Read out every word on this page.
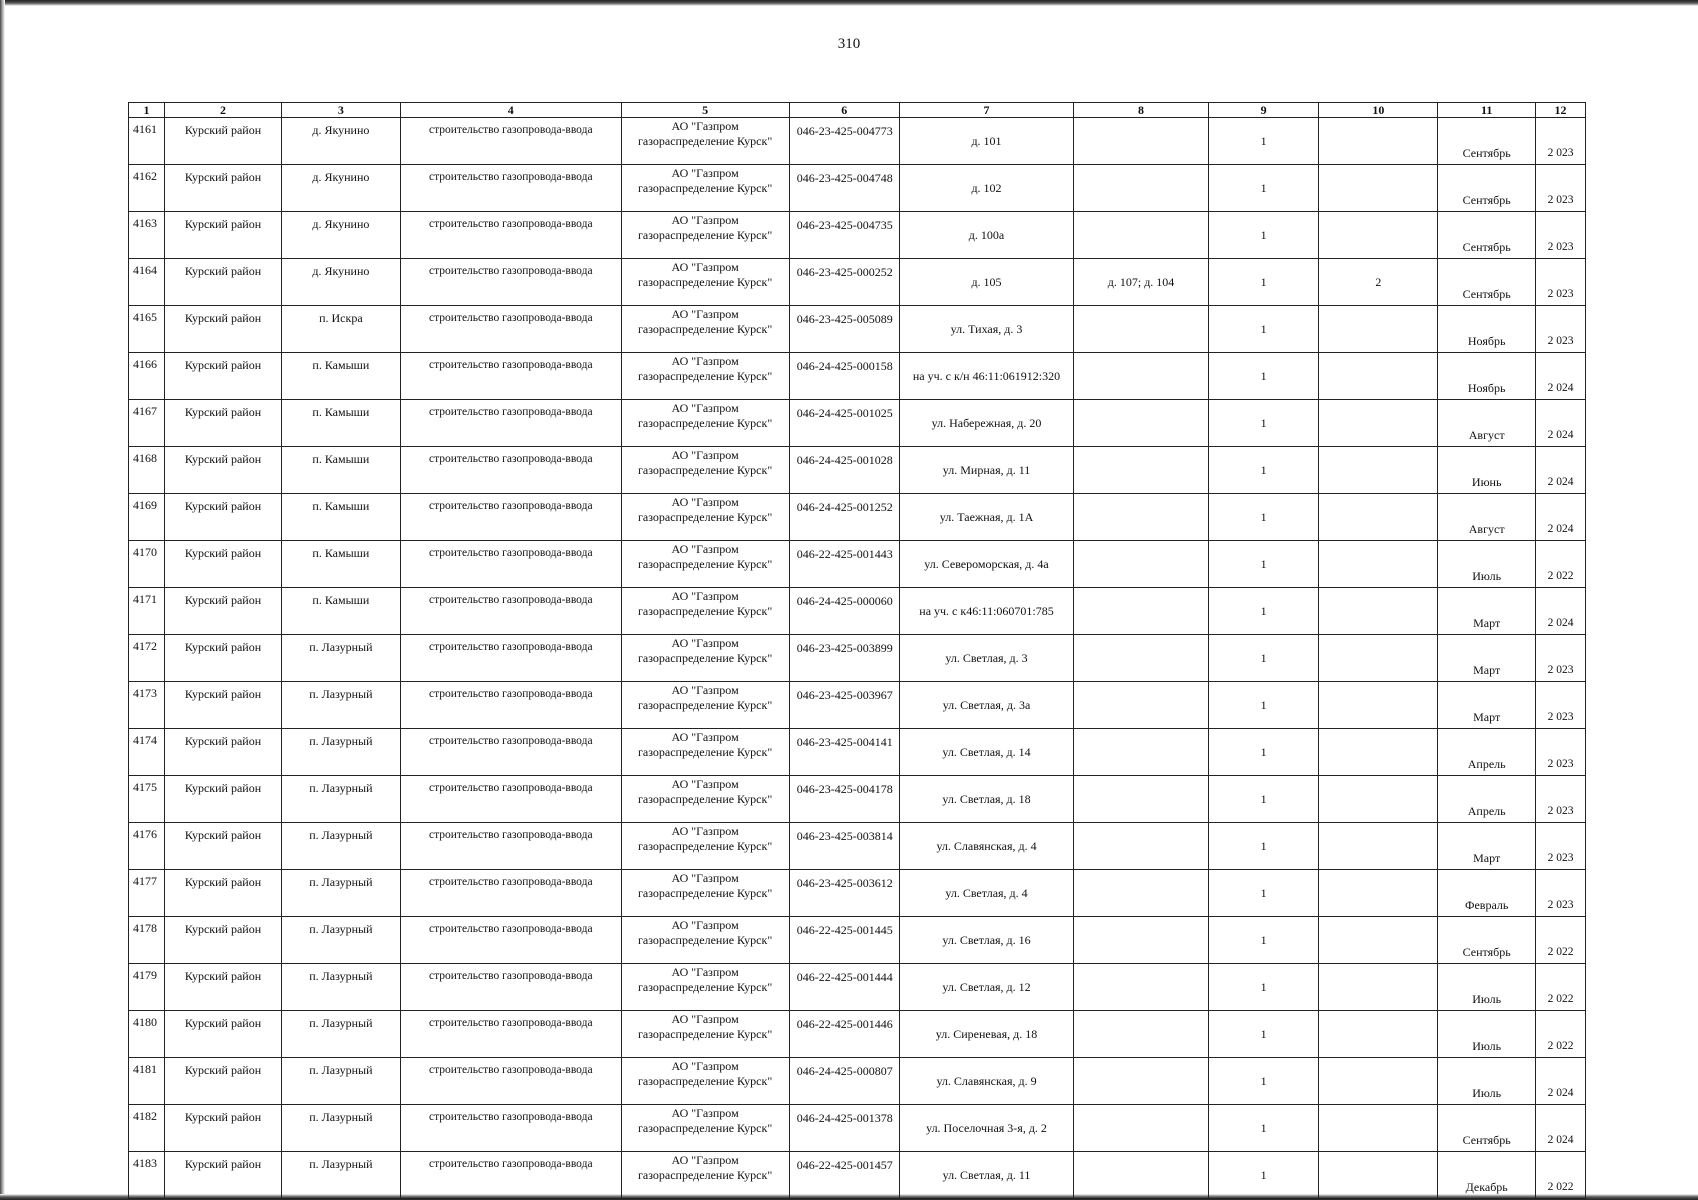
310
1	2	3	4	5	6	7	8	9	10	11	12
4161	Курский район	д. Якунино	строительство газопровода-ввода	АО "Газпром газораспределение Курск"	046-23-425-004773	д. 101		1		Сентябрь	2 023
4162	Курский район	д. Якунино	строительство газопровода-ввода	АО "Газпром газораспределение Курск"	046-23-425-004748	д. 102		1		Сентябрь	2 023
4163	Курский район	д. Якунино	строительство газопровода-ввода	АО "Газпром газораспределение Курск"	046-23-425-004735	д. 100а		1		Сентябрь	2 023
4164	Курский район	д. Якунино	строительство газопровода-ввода	АО "Газпром газораспределение Курск"	046-23-425-000252	д. 105	д. 107; д. 104	1	2	Сентябрь	2 023
4165	Курский район	п. Искра	строительство газопровода-ввода	АО "Газпром газораспределение Курск"	046-23-425-005089	ул. Тихая, д. 3		1		Ноябрь	2 023
4166	Курский район	п. Камыши	строительство газопровода-ввода	АО "Газпром газораспределение Курск"	046-24-425-000158	на уч. с к/н 46:11:061912:320		1		Ноябрь	2 024
4167	Курский район	п. Камыши	строительство газопровода-ввода	АО "Газпром газораспределение Курск"	046-24-425-001025	ул. Набережная, д. 20		1		Август	2 024
4168	Курский район	п. Камыши	строительство газопровода-ввода	АО "Газпром газораспределение Курск"	046-24-425-001028	ул. Мирная, д. 11		1		Июнь	2 024
4169	Курский район	п. Камыши	строительство газопровода-ввода	АО "Газпром газораспределение Курск"	046-24-425-001252	ул. Таежная, д. 1А		1		Август	2 024
4170	Курский район	п. Камыши	строительство газопровода-ввода	АО "Газпром газораспределение Курск"	046-22-425-001443	ул. Североморская, д. 4а		1		Июль	2 022
4171	Курский район	п. Камыши	строительство газопровода-ввода	АО "Газпром газораспределение Курск"	046-24-425-000060	на уч. с к46:11:060701:785		1		Март	2 024
4172	Курский район	п. Лазурный	строительство газопровода-ввода	АО "Газпром газораспределение Курск"	046-23-425-003899	ул. Светлая, д. 3		1		Март	2 023
4173	Курский район	п. Лазурный	строительство газопровода-ввода	АО "Газпром газораспределение Курск"	046-23-425-003967	ул. Светлая, д. 3а		1		Март	2 023
4174	Курский район	п. Лазурный	строительство газопровода-ввода	АО "Газпром газораспределение Курск"	046-23-425-004141	ул. Светлая, д. 14		1		Апрель	2 023
4175	Курский район	п. Лазурный	строительство газопровода-ввода	АО "Газпром газораспределение Курск"	046-23-425-004178	ул. Светлая, д. 18		1		Апрель	2 023
4176	Курский район	п. Лазурный	строительство газопровода-ввода	АО "Газпром газораспределение Курск"	046-23-425-003814	ул. Славянская, д. 4		1		Март	2 023
4177	Курский район	п. Лазурный	строительство газопровода-ввода	АО "Газпром газораспределение Курск"	046-23-425-003612	ул. Светлая, д. 4		1		Февраль	2 023
4178	Курский район	п. Лазурный	строительство газопровода-ввода	АО "Газпром газораспределение Курск"	046-22-425-001445	ул. Светлая, д. 16		1		Сентябрь	2 022
4179	Курский район	п. Лазурный	строительство газопровода-ввода	АО "Газпром газораспределение Курск"	046-22-425-001444	ул. Светлая, д. 12		1		Июль	2 022
4180	Курский район	п. Лазурный	строительство газопровода-ввода	АО "Газпром газораспределение Курск"	046-22-425-001446	ул. Сиреневая, д. 18		1		Июль	2 022
4181	Курский район	п. Лазурный	строительство газопровода-ввода	АО "Газпром газораспределение Курск"	046-24-425-000807	ул. Славянская, д. 9		1		Июль	2 024
4182	Курский район	п. Лазурный	строительство газопровода-ввода	АО "Газпром газораспределение Курск"	046-24-425-001378	ул. Поселочная 3-я, д. 2		1		Сентябрь	2 024
4183	Курский район	п. Лазурный	строительство газопровода-ввода	АО "Газпром газораспределение Курск"	046-22-425-001457	ул. Светлая, д. 11		1		Декабрь	2 022
